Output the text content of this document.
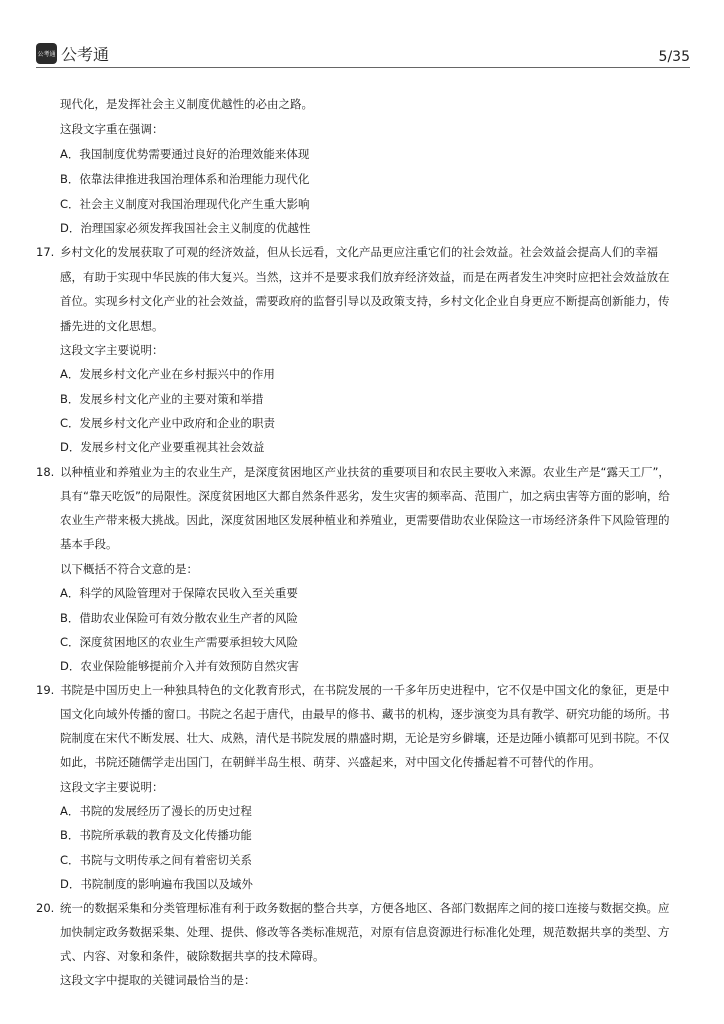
公考通 公考通	5/35
现代化，是发挥社会主义制度优越性的必由之路。
这段文字重在强调：
A．我国制度优势需要通过良好的治理效能来体现
B．依靠法律推进我国治理体系和治理能力现代化
C．社会主义制度对我国治理现代化产生重大影响
D．治理国家必须发挥我国社会主义制度的优越性
17. 乡村文化的发展获取了可观的经济效益，但从长远看，文化产品更应注重它们的社会效益。社会效益会提高人们的幸福
感，有助于实现中华民族的伟大复兴。当然，这并不是要求我们放弃经济效益，而是在两者发生冲突时应把社会效益放在
首位。实现乡村文化产业的社会效益，需要政府的监督引导以及政策支持，乡村文化企业自身更应不断提高创新能力，传
播先进的文化思想。
这段文字主要说明：
A．发展乡村文化产业在乡村振兴中的作用
B．发展乡村文化产业的主要对策和举措
C．发展乡村文化产业中政府和企业的职责
D．发展乡村文化产业要重视其社会效益
18. 以种植业和养殖业为主的农业生产，是深度贫困地区产业扶贫的重要项目和农民主要收入来源。农业生产是“露天工厂”，
具有“靠天吃饭”的局限性。深度贫困地区大都自然条件恶劣，发生灾害的频率高、范围广，加之病虫害等方面的影响，给
农业生产带来极大挑战。因此，深度贫困地区发展种植业和养殖业，更需要借助农业保险这一市场经济条件下风险管理的
基本手段。
以下概括不符合文意的是：
A．科学的风险管理对于保障农民收入至关重要
B．借助农业保险可有效分散农业生产者的风险
C．深度贫困地区的农业生产需要承担较大风险
D．农业保险能够提前介入并有效预防自然灾害
19. 书院是中国历史上一种独具特色的文化教育形式，在书院发展的一千多年历史进程中，它不仅是中国文化的象征，更是中
国文化向域外传播的窗口。书院之名起于唐代，由最早的修书、藏书的机构，逐步演变为具有教学、研究功能的场所。书
院制度在宋代不断发展、壮大、成熟，清代是书院发展的鼎盛时期，无论是穷乡僻壤，还是边陲小镇都可见到书院。不仅
如此，书院还随儒学走出国门，在朝鲜半岛生根、萌芽、兴盛起来，对中国文化传播起着不可替代的作用。
这段文字主要说明：
A．书院的发展经历了漫长的历史过程
B．书院所承载的教育及文化传播功能
C．书院与文明传承之间有着密切关系
D．书院制度的影响遍布我国以及域外
20. 统一的数据采集和分类管理标准有利于政务数据的整合共享，方便各地区、各部门数据库之间的接口连接与数据交换。应
加快制定政务数据采集、处理、提供、修改等各类标准规范，对原有信息资源进行标准化处理，规范数据共享的类型、方
式、内容、对象和条件，破除数据共享的技术障碍。
这段文字中提取的关键词最恰当的是：
